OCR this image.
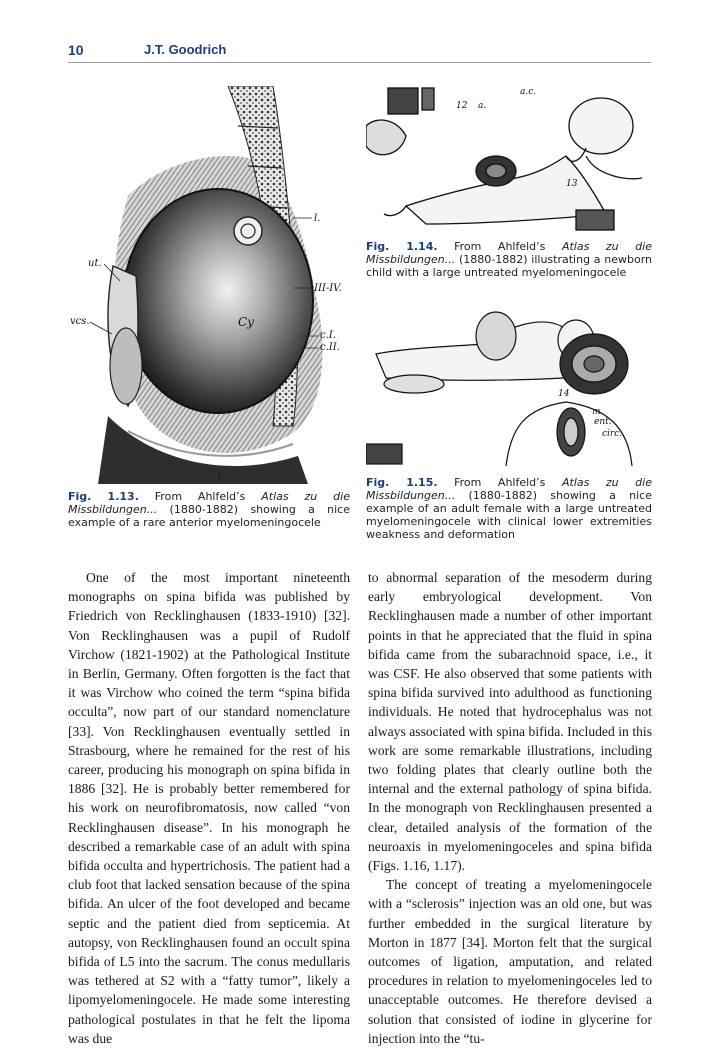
10	J.T. Goodrich
l.
ut.
vcs.	Cy
III-IV.
c.I.
c.II.
i
12 a.
a.c.
13
Fig. 1.14. From Ahlfeld’s Atlas zu die Missbildungen... (1880-1882) illustrating a newborn child with a large untreated myelomeningocele
14
m.
ent.
circ.
Fig. 1.15. From Ahlfeld’s Atlas zu die Missbildungen... (1880-1882) showing a nice example of an adult female with a large untreated myelomeningocele with clinical lower extremities weakness and deformation
Fig. 1.13. From Ahlfeld’s Atlas zu die Missbildungen... (1880-1882) showing a nice example of a rare anterior myelomeningocele

One of the most important nineteenth monographs on spina bifida was published by Friedrich von Recklinghausen (1833-1910) [32]. Von Recklinghausen was a pupil of Rudolf Virchow (1821-1902) at the Pathological Institute in Berlin, Germany. Often forgotten is the fact that it was Virchow who coined the term “spina bifida occulta”, now part of our standard nomenclature [33]. Von Recklinghausen eventually settled in Strasbourg, where he remained for the rest of his career, producing his monograph on spina bifida in 1886 [32]. He is probably better remembered for his work on neurofibromatosis, now called “von Recklinghausen disease”. In his monograph he described a remarkable case of an adult with spina bifida occulta and hypertrichosis. The patient had a club foot that lacked sensation because of the spina bifida. An ulcer of the foot developed and became septic and the patient died from septicemia. At autopsy, von Recklinghausen found an occult spina bifida of L5 into the sacrum. The conus medullaris was tethered at S2 with a “fatty tumor”, likely a lipomyelomeningocele. He made some interesting pathological postulates in that he felt the lipoma was due

to abnormal separation of the mesoderm during early embryological development. Von Recklinghausen made a number of other important points in that he appreciated that the fluid in spina bifida came from the subarachnoid space, i.e., it was CSF. He also observed that some patients with spina bifida survived into adulthood as functioning individuals. He noted that hydrocephalus was not always associated with spina bifida. Included in this work are some remarkable illustrations, including two folding plates that clearly outline both the internal and the external pathology of spina bifida. In the monograph von Recklinghausen presented a clear, detailed analysis of the formation of the neuroaxis in myelomeningoceles and spina bifida (Figs. 1.16, 1.17).

The concept of treating a myelomeningocele with a “sclerosis” injection was an old one, but was further embedded in the surgical literature by Morton in 1877 [34]. Morton felt that the surgical outcomes of ligation, amputation, and related procedures in relation to myelomeningoceles led to unacceptable outcomes. He therefore devised a solution that consisted of iodine in glycerine for injection into the “tu-
